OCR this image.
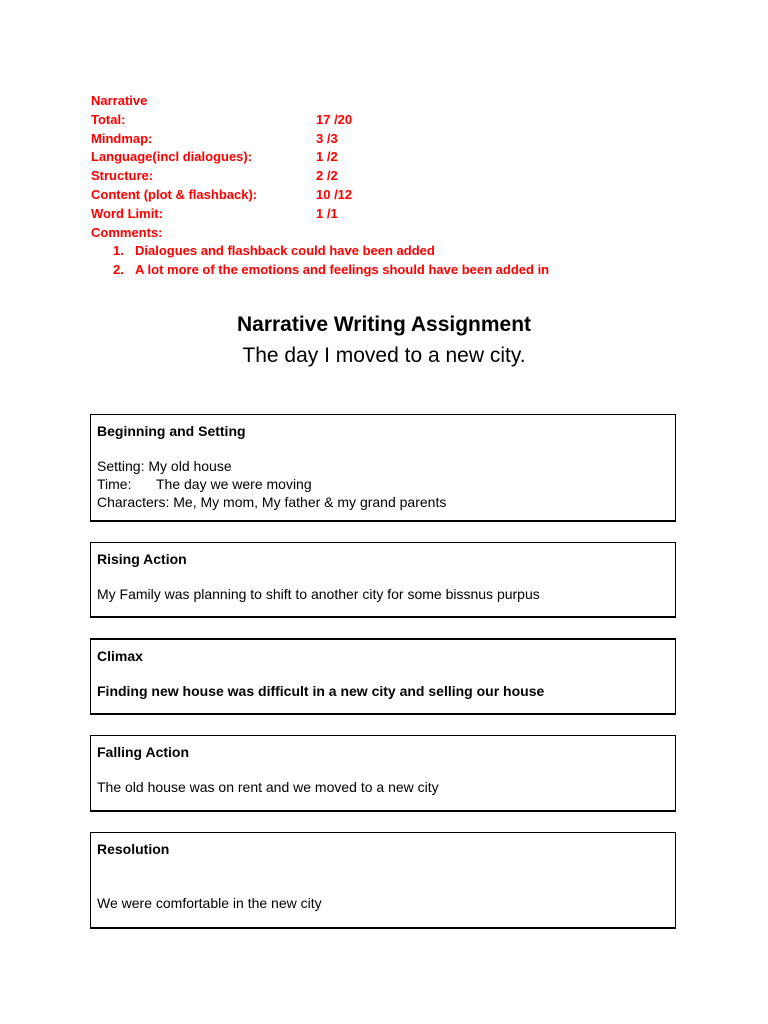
Narrative
Total:	17 /20
Mindmap:	3 /3
Language(incl dialogues):	1 /2
Structure:	2 /2
Content (plot & flashback):	10 /12
Word Limit:	1 /1
Comments:
1. Dialogues and flashback could have been added
2. A lot more of the emotions and feelings should have been added in
Narrative Writing Assignment
The day I moved to a new city.
Beginning and Setting
Setting: My old house
Time: The day we were moving
Characters: Me, My mom, My father & my grand parents
Rising Action
My Family was planning to shift to another city for some bissnus purpus
Climax
Finding new house was difficult in a new city and selling our house
Falling Action
The old house was on rent and we moved to a new city
Resolution
We were comfortable in the new city
